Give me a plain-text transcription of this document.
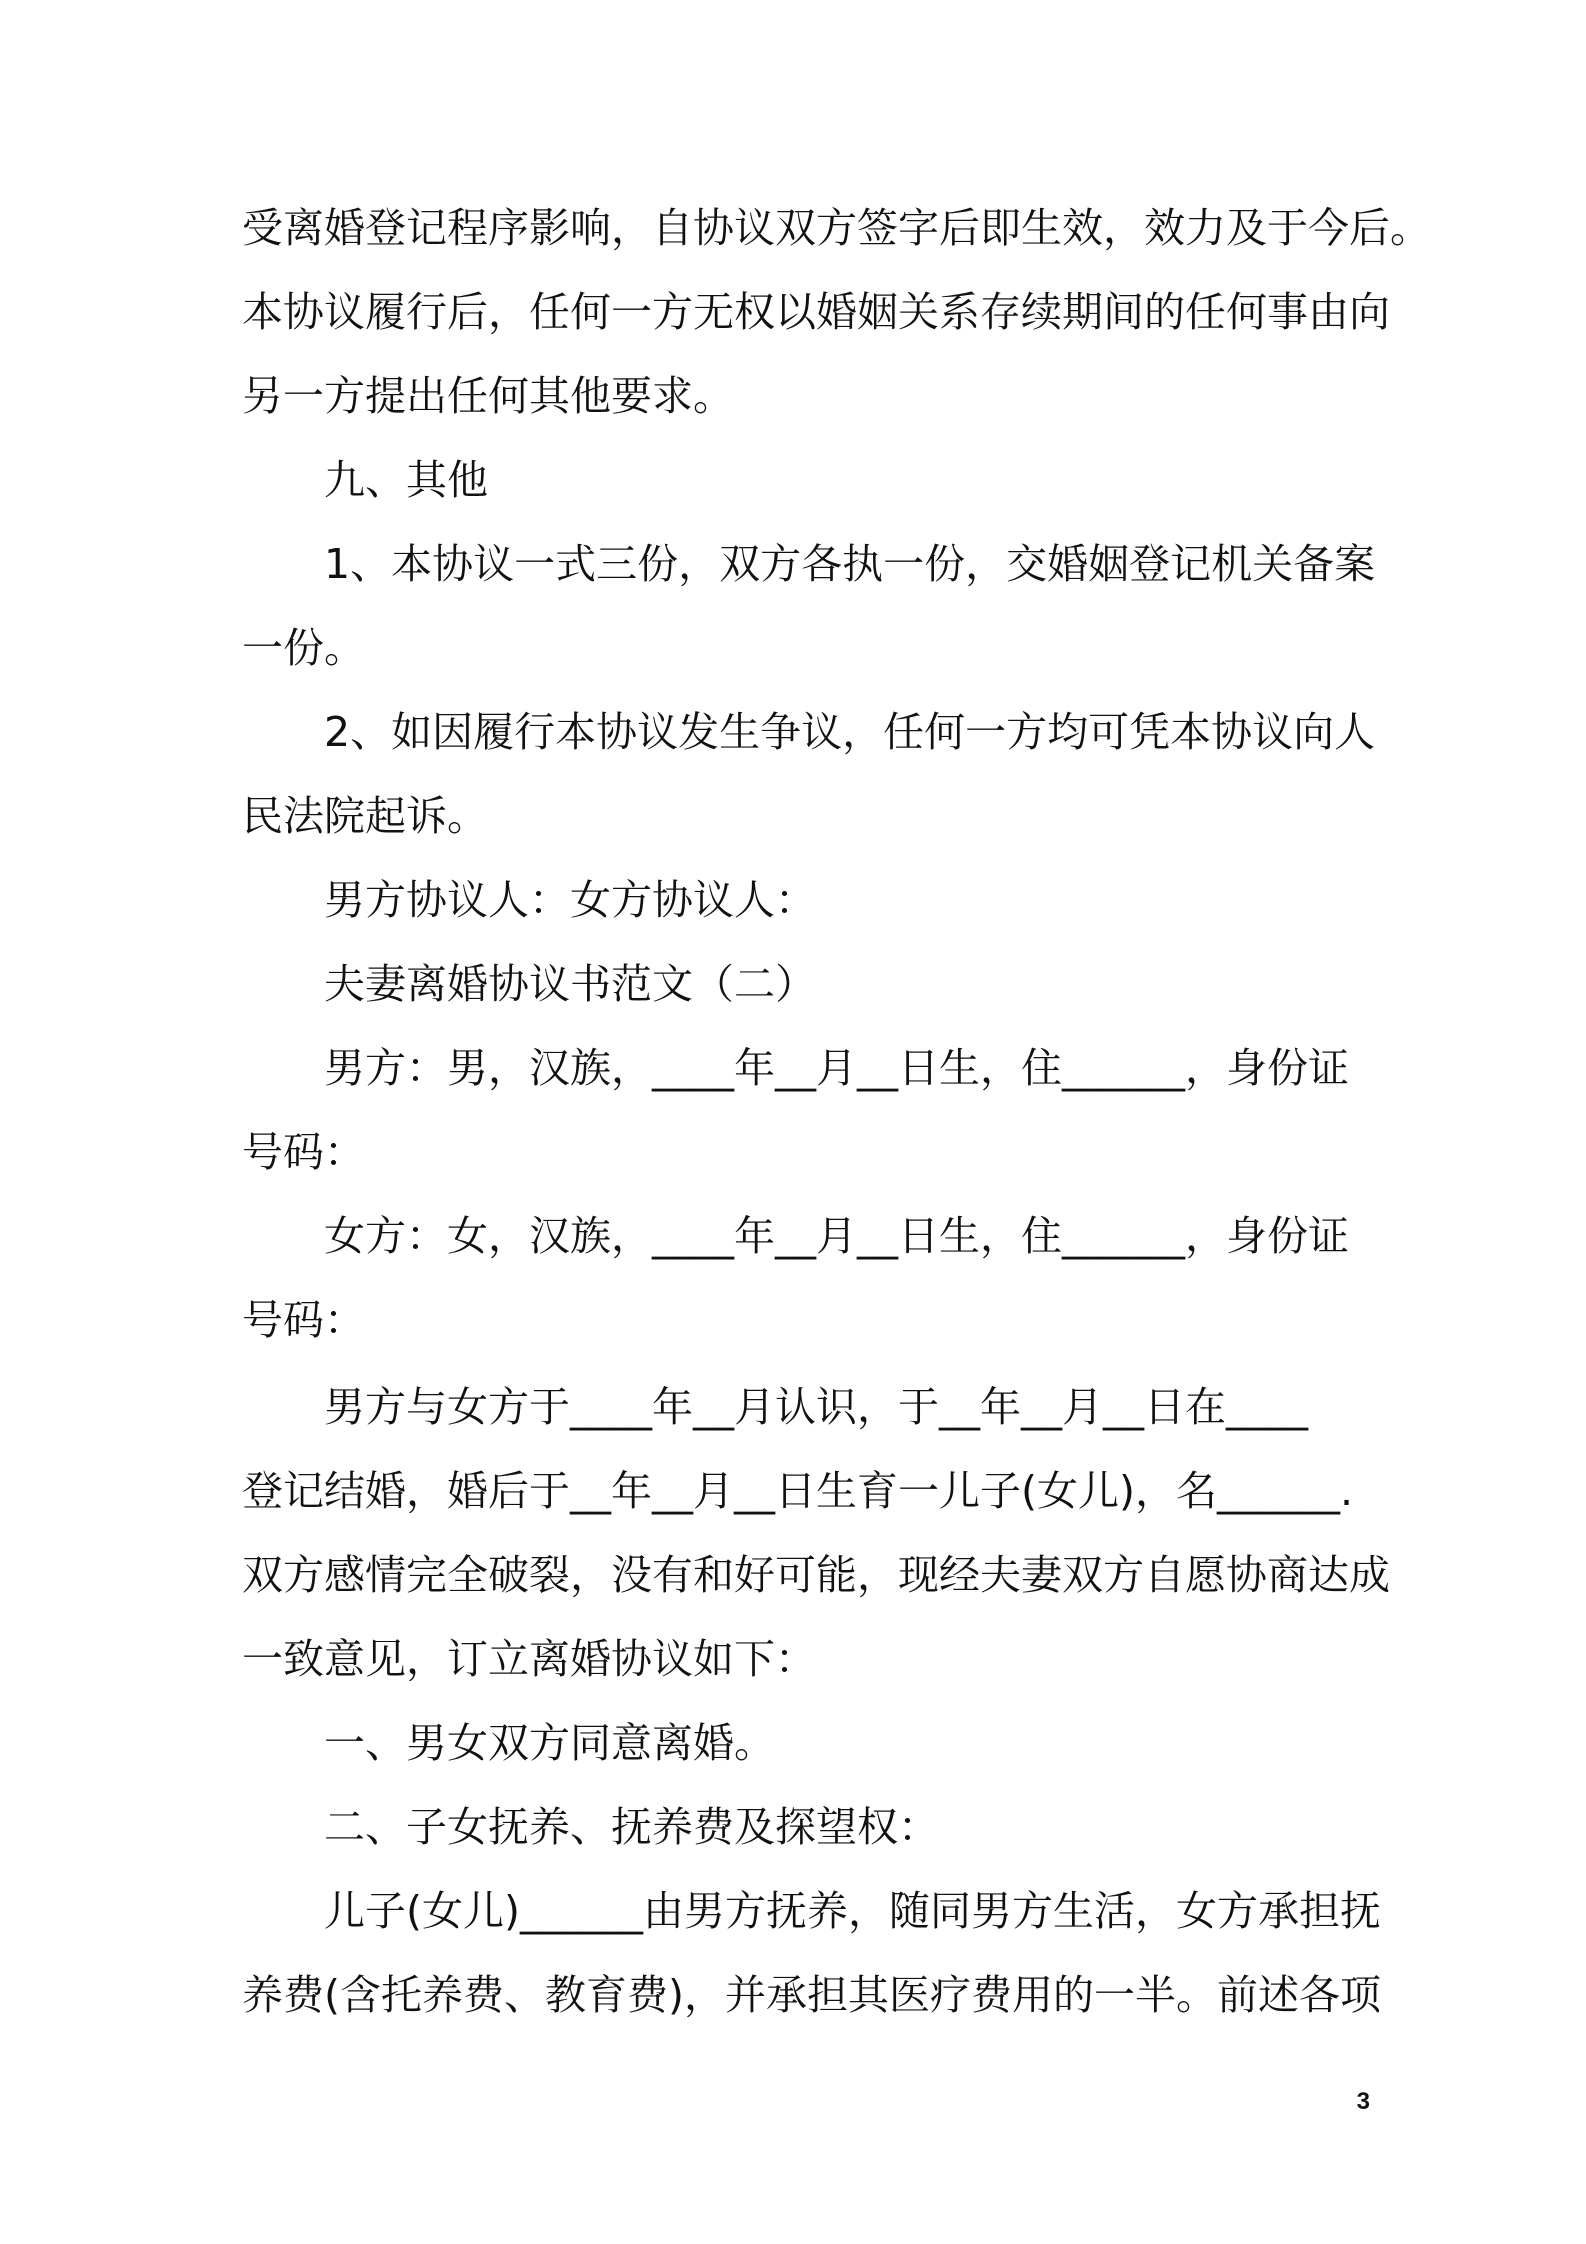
受离婚登记程序影响，自协议双方签字后即生效，效力及于今后。
本协议履行后，任何一方无权以婚姻关系存续期间的任何事由向
另一方提出任何其他要求。
九、其他
1、本协议一式三份，双方各执一份，交婚姻登记机关备案
一份。
2、如因履行本协议发生争议，任何一方均可凭本协议向人
民法院起诉。
男方协议人：女方协议人：
夫妻离婚协议书范文（二）
男方：男，汉族，____年__月__日生，住______，身份证
号码：
女方：女，汉族，____年__月__日生，住______，身份证
号码：
男方与女方于____年__月认识，于__年__月__日在____
登记结婚，婚后于__年__月__日生育一儿子(女儿)，名______.
双方感情完全破裂，没有和好可能，现经夫妻双方自愿协商达成
一致意见，订立离婚协议如下：
一、男女双方同意离婚。
二、子女抚养、抚养费及探望权：
儿子(女儿)______由男方抚养，随同男方生活，女方承担抚
养费(含托养费、教育费)，并承担其医疗费用的一半。前述各项
3
